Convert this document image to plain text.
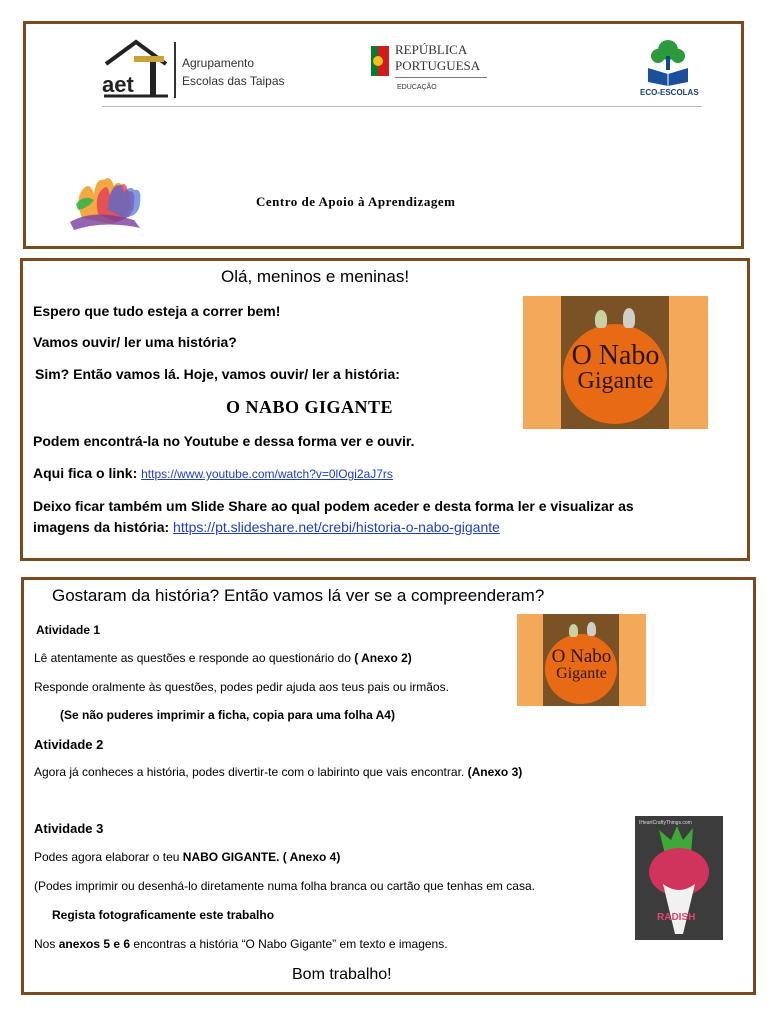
aet
Agrupamento
Escolas das Taipas
REPÚBLICA
PORTUGUESA
EDUCAÇÃO
ECO-ESCOLAS
Centro de Apoio à Aprendizagem
Olá, meninos e meninas!
Espero que tudo esteja a correr bem!
Vamos ouvir/ ler uma história?
Sim? Então vamos lá. Hoje, vamos ouvir/ ler a história:
O NABO GIGANTE
Podem encontrá-la no Youtube e dessa forma ver e ouvir.
Aqui fica o link: https://www.youtube.com/watch?v=0lOgi2aJ7rs
Deixo ficar também um Slide Share ao qual podem aceder e desta forma ler e visualizar as
imagens da história: https://pt.slideshare.net/crebi/historia-o-nabo-gigante
O Nabo
Gigante
Gostaram da história? Então vamos lá ver se a compreenderam?
Atividade 1
Lê atentamente as questões e responde ao questionário do ( Anexo 2)
Responde oralmente às questões, podes pedir ajuda aos teus pais ou irmãos.
(Se não puderes imprimir a ficha, copia para uma folha A4)
Atividade 2
Agora já conheces a história, podes divertir-te com o labirinto que vais encontrar. (Anexo 3)
Atividade 3
Podes agora elaborar o teu NABO GIGANTE. ( Anexo 4)
(Podes imprimir ou desenhá-lo diretamente numa folha branca ou cartão que tenhas em casa.
Regista fotograficamente este trabalho
Nos anexos 5 e 6 encontras a história “O Nabo Gigante” em texto e imagens.
Bom trabalho!
O Nabo
Gigante
IHeartCraftyThings.com
RADISH
